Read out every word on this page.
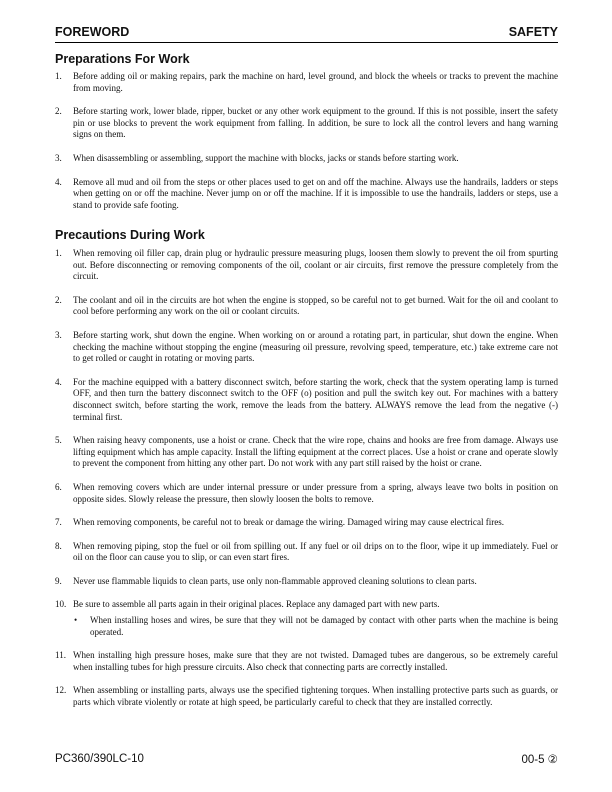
FOREWORD	SAFETY
Preparations For Work
1. Before adding oil or making repairs, park the machine on hard, level ground, and block the wheels or tracks to prevent the machine from moving.
2. Before starting work, lower blade, ripper, bucket or any other work equipment to the ground. If this is not possible, insert the safety pin or use blocks to prevent the work equipment from falling. In addition, be sure to lock all the control levers and hang warning signs on them.
3. When disassembling or assembling, support the machine with blocks, jacks or stands before starting work.
4. Remove all mud and oil from the steps or other places used to get on and off the machine. Always use the handrails, ladders or steps when getting on or off the machine. Never jump on or off the machine. If it is impossible to use the handrails, ladders or steps, use a stand to provide safe footing.
Precautions During Work
1. When removing oil filler cap, drain plug or hydraulic pressure measuring plugs, loosen them slowly to prevent the oil from spurting out. Before disconnecting or removing components of the oil, coolant or air circuits, first remove the pressure completely from the circuit.
2. The coolant and oil in the circuits are hot when the engine is stopped, so be careful not to get burned. Wait for the oil and coolant to cool before performing any work on the oil or coolant circuits.
3. Before starting work, shut down the engine. When working on or around a rotating part, in particular, shut down the engine. When checking the machine without stopping the engine (measuring oil pressure, revolving speed, temperature, etc.) take extreme care not to get rolled or caught in rotating or moving parts.
4. For the machine equipped with a battery disconnect switch, before starting the work, check that the system operating lamp is turned OFF, and then turn the battery disconnect switch to the OFF (o) position and pull the switch key out. For machines with a battery disconnect switch, before starting the work, remove the leads from the battery. ALWAYS remove the lead from the negative (-) terminal first.
5. When raising heavy components, use a hoist or crane. Check that the wire rope, chains and hooks are free from damage. Always use lifting equipment which has ample capacity. Install the lifting equipment at the correct places. Use a hoist or crane and operate slowly to prevent the component from hitting any other part. Do not work with any part still raised by the hoist or crane.
6. When removing covers which are under internal pressure or under pressure from a spring, always leave two bolts in position on opposite sides. Slowly release the pressure, then slowly loosen the bolts to remove.
7. When removing components, be careful not to break or damage the wiring. Damaged wiring may cause electrical fires.
8. When removing piping, stop the fuel or oil from spilling out. If any fuel or oil drips on to the floor, wipe it up immediately. Fuel or oil on the floor can cause you to slip, or can even start fires.
9. Never use flammable liquids to clean parts, use only non-flammable approved cleaning solutions to clean parts.
10. Be sure to assemble all parts again in their original places. Replace any damaged part with new parts.
• When installing hoses and wires, be sure that they will not be damaged by contact with other parts when the machine is being operated.
11. When installing high pressure hoses, make sure that they are not twisted. Damaged tubes are dangerous, so be extremely careful when installing tubes for high pressure circuits. Also check that connecting parts are correctly installed.
12. When assembling or installing parts, always use the specified tightening torques. When installing protective parts such as guards, or parts which vibrate violently or rotate at high speed, be particularly careful to check that they are installed correctly.
PC360/390LC-10	00-5 ②
